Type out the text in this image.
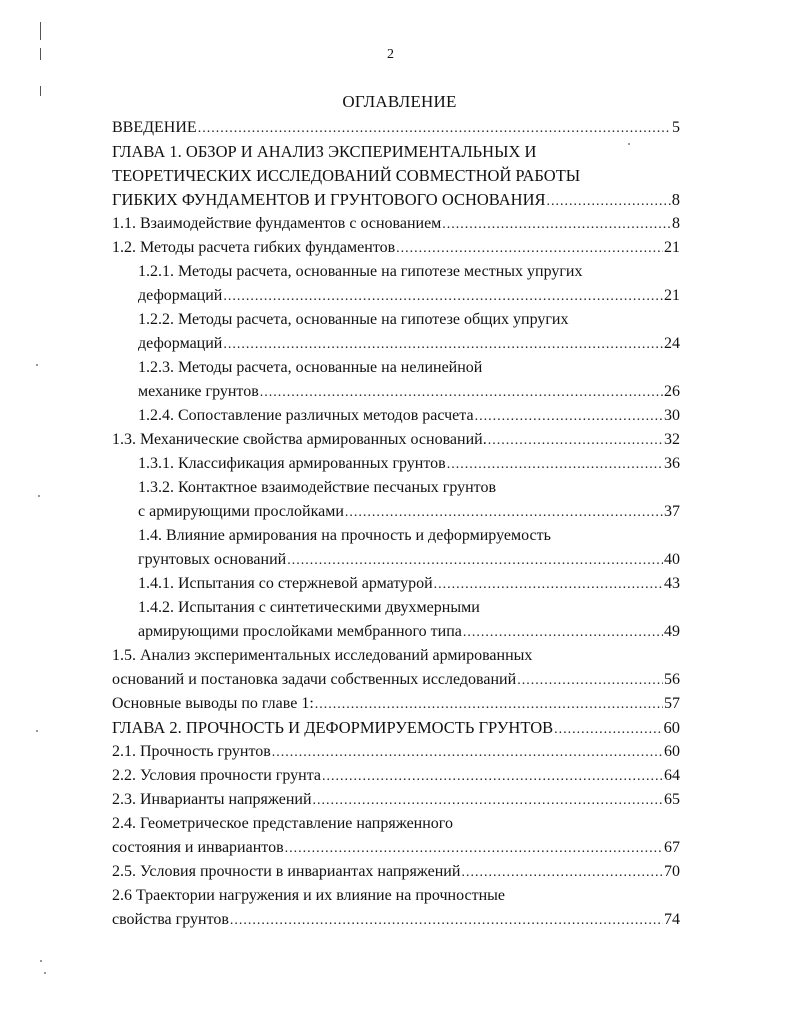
2
ОГЛАВЛЕНИЕ
ВВЕДЕНИЕ .....	5
ГЛАВА 1. ОБЗОР И АНАЛИЗ ЭКСПЕРИМЕНТАЛЬНЫХ И
ТЕОРЕТИЧЕСКИХ ИССЛЕДОВАНИЙ СОВМЕСТНОЙ РАБОТЫ
ГИБКИХ ФУНДАМЕНТОВ И ГРУНТОВОГО ОСНОВАНИЯ .....	8
1.1. Взаимодействие фундаментов с основанием .....	8
1.2. Методы расчета гибких фундаментов .....	21
1.2.1. Методы расчета, основанные на гипотезе местных упругих
деформаций .....	21
1.2.2. Методы расчета, основанные на гипотезе общих упругих
деформаций .....	24
1.2.3. Методы расчета, основанные на нелинейной
механике грунтов .....	26
1.2.4. Сопоставление различных методов расчета .....	30
1.3. Механические свойства армированных оснований. .....	32
1.3.1. Классификация армированных грунтов .....	36
1.3.2. Контактное взаимодействие песчаных грунтов
с армирующими прослойками .....	37
1.4. Влияние армирования на прочность и деформируемость
грунтовых оснований .....	40
1.4.1. Испытания со стержневой арматурой .....	43
1.4.2. Испытания с синтетическими двухмерными
армирующими прослойками мембранного типа .....	49
1.5. Анализ экспериментальных исследований армированных
оснований и постановка задачи собственных исследований .....	56
Основные выводы по главе 1: .....	57
ГЛАВА 2. ПРОЧНОСТЬ И ДЕФОРМИРУЕМОСТЬ ГРУНТОВ .....	60
2.1. Прочность грунтов .....	60
2.2. Условия прочности грунта .....	64
2.3. Инварианты напряжений .....	65
2.4. Геометрическое представление напряженного
состояния и инвариантов .....	67
2.5. Условия прочности в инвариантах напряжений .....	70
2.6 Траектории нагружения и их влияние на прочностные
свойства грунтов .....	74
